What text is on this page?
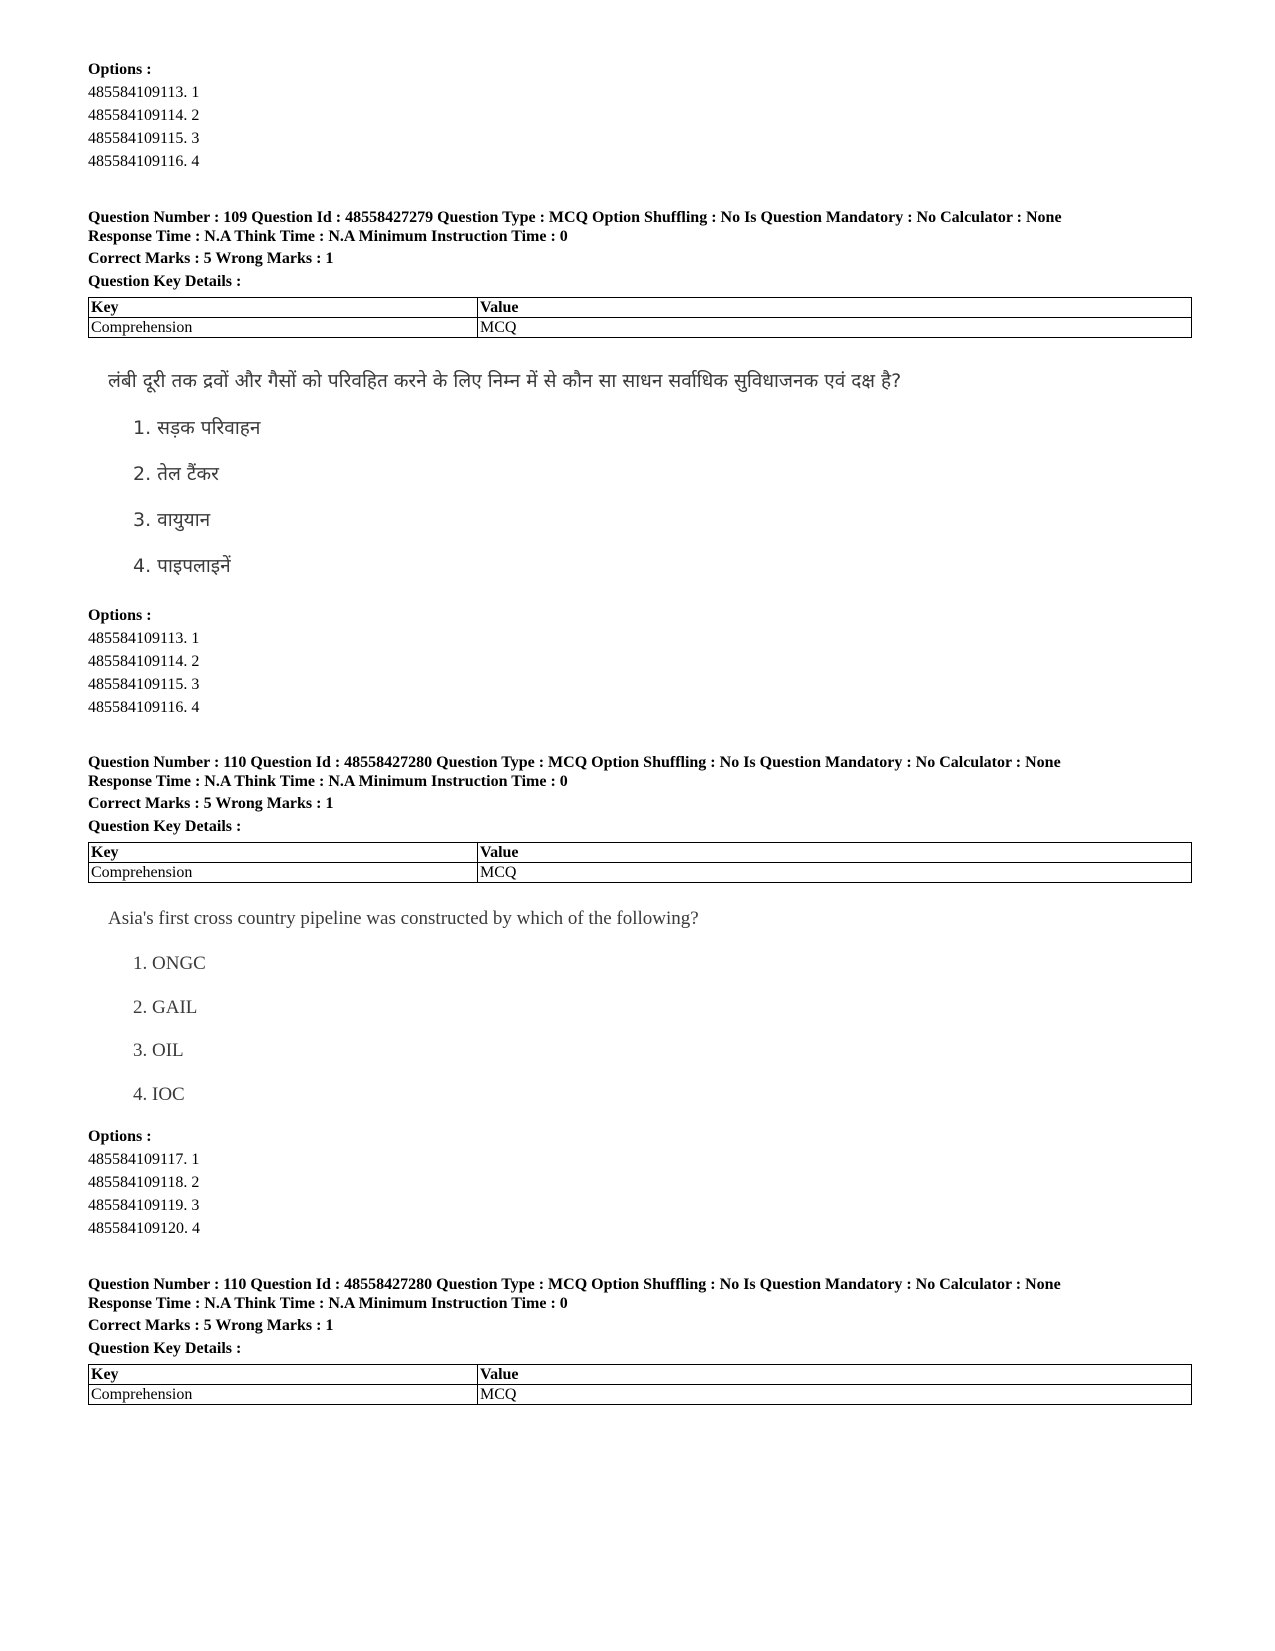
Options :
485584109113. 1
485584109114. 2
485584109115. 3
485584109116. 4
Question Number : 109 Question Id : 48558427279 Question Type : MCQ Option Shuffling : No Is Question Mandatory : No Calculator : None
Response Time : N.A Think Time : N.A Minimum Instruction Time : 0
Correct Marks : 5 Wrong Marks : 1
Question Key Details :
Key	Value
Comprehension	MCQ
लंबी दूरी तक द्रवों और गैसों को परिवहित करने के लिए निम्न में से कौन सा साधन सर्वाधिक सुविधाजनक एवं दक्ष है?
1. सड़क परिवाहन
2. तेल टैंकर
3. वायुयान
4. पाइपलाइनें
Options :
485584109113. 1
485584109114. 2
485584109115. 3
485584109116. 4
Question Number : 110 Question Id : 48558427280 Question Type : MCQ Option Shuffling : No Is Question Mandatory : No Calculator : None
Response Time : N.A Think Time : N.A Minimum Instruction Time : 0
Correct Marks : 5 Wrong Marks : 1
Question Key Details :
Key	Value
Comprehension	MCQ
Asia's first cross country pipeline was constructed by which of the following?
1. ONGC
2. GAIL
3. OIL
4. IOC
Options :
485584109117. 1
485584109118. 2
485584109119. 3
485584109120. 4
Question Number : 110 Question Id : 48558427280 Question Type : MCQ Option Shuffling : No Is Question Mandatory : No Calculator : None
Response Time : N.A Think Time : N.A Minimum Instruction Time : 0
Correct Marks : 5 Wrong Marks : 1
Question Key Details :
Key	Value
Comprehension	MCQ
